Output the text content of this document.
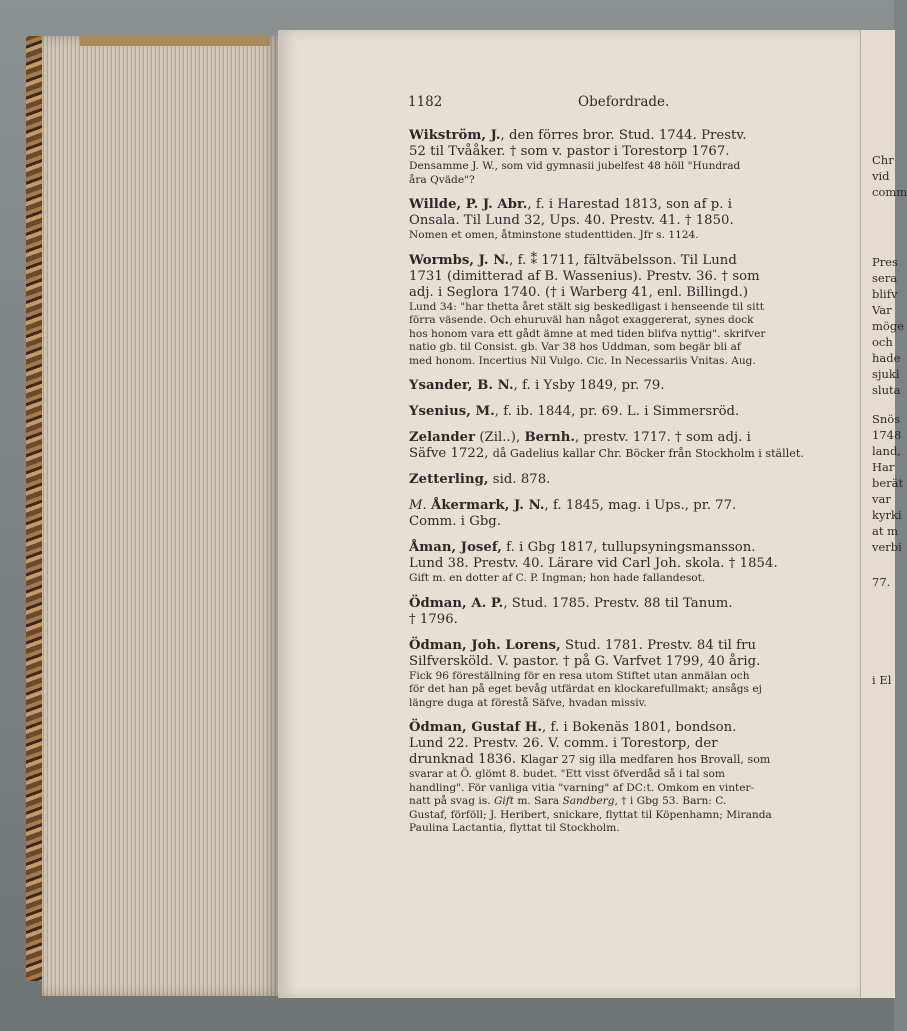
Chr
vid
comm
Pres
sera
blifv
Var
möge
och
hade
sjukl
sluta
Snös
1748
land,
Har
berät
var
kyrki
at m
verbi
77.
i El
1182	Obefordrade.

Wikström, J., den förres bror. Stud. 1744. Prestv.
52 til Tvååker. † som v. pastor i Torestorp 1767.
Densamme J. W., som vid gymnasii jubelfest 48 höll "Hundrad
åra Qväde"?

Willde, P. J. Abr., f. i Harestad 1813, son af p. i
Onsala. Til Lund 32, Ups. 40. Prestv. 41. † 1850.
Nomen et omen, åtminstone studenttiden. Jfr s. 1124.

Wormbs, J. N., f. ⁑ 1711, fältväbelsson. Til Lund
1731 (dimitterad af B. Wassenius). Prestv. 36. † som
adj. i Seglora 1740. († i Warberg 41, enl. Billingd.)
Lund 34: "har thetta året stält sig beskedligast i henseende til sitt
förra väsende. Och ehuruväl han något exaggererat, synes dock
hos honom vara ett gådt ämne at med tiden blifva nyttig". skrifver
natio gb. til Consist. gb. Var 38 hos Uddman, som begär bli af
med honom. Incertius Nil Vulgo. Cic. In Necessariis Vnitas. Aug.

Ysander, B. N., f. i Ysby 1849, pr. 79.

Ysenius, M., f. ib. 1844, pr. 69. L. i Simmersröd.

Zelander (Zil..), Bernh., prestv. 1717. † som adj. i
Säfve 1722, då Gadelius kallar Chr. Böcker från Stockholm i stället.

Zetterling, sid. 878.

M. Åkermark, J. N., f. 1845, mag. i Ups., pr. 77.
Comm. i Gbg.

Åman, Josef, f. i Gbg 1817, tullupsyningsmansson.
Lund 38. Prestv. 40. Lärare vid Carl Joh. skola. † 1854.
Gift m. en dotter af C. P. Ingman; hon hade fallandesot.

Ödman, A. P., Stud. 1785. Prestv. 88 til Tanum.
† 1796.

Ödman, Joh. Lorens, Stud. 1781. Prestv. 84 til fru
Silfversköld. V. pastor. † på G. Varfvet 1799, 40 årig.
Fick 96 föreställning för en resa utom Stiftet utan anmälan och
för det han på eget bevåg utfärdat en klockarefullmakt; ansågs ej
längre duga at förestå Säfve, hvadan missiv.

Ödman, Gustaf H., f. i Bokenäs 1801, bondson.
Lund 22. Prestv. 26. V. comm. i Torestorp, der
drunknad 1836. Klagar 27 sig illa medfaren hos Brovall, som
svarar at Ö. glömt 8. budet. "Ett visst öfverdåd så i tal som
handling". För vanliga vitia "varning" af DC:t. Omkom en vinter-
natt på svag is. Gift m. Sara Sandberg, † i Gbg 53. Barn: C.
Gustaf, förföll; J. Heribert, snickare, flyttat til Köpenhamn; Miranda
Paulina Lactantia, flyttat til Stockholm.
